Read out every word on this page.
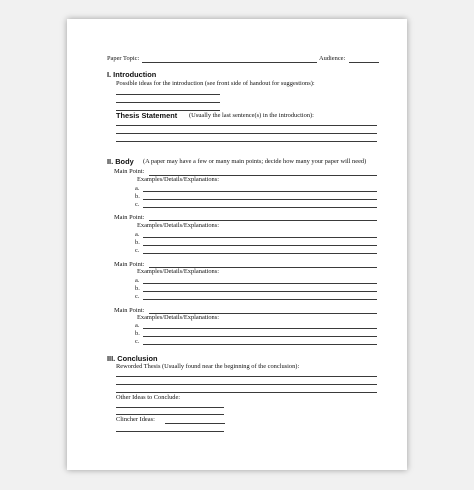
Paper Topic:	Audience:
I. Introduction
Possible ideas for the introduction (see front side of handout for suggestions):
Thesis Statement (Usually the last sentence(s) in the introduction):
II. Body (A paper may have a few or many main points; decide how many your paper will need)
Main Point:
Examples/Details/Explanations:
a.
b.
c.
Main Point:
Examples/Details/Explanations:
a.
b.
c.
Main Point:
Examples/Details/Explanations:
a.
b.
c.
Main Point:
Examples/Details/Explanations:
a.
b.
c.
III. Conclusion
Reworded Thesis (Usually found near the beginning of the conclusion):
Other Ideas to Conclude:
Clincher Ideas:
